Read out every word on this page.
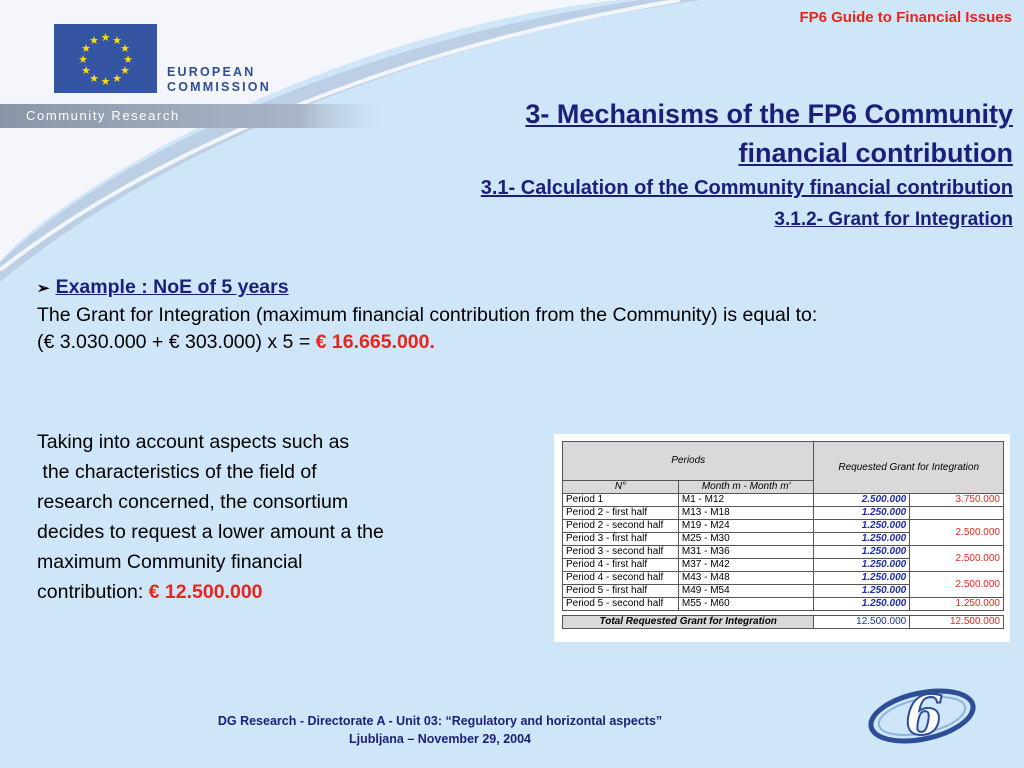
FP6 Guide to Financial Issues
★ ★
★
★
★
★
★
★
★
★
★
★
EUROPEAN
COMMISSION
Community Research	3- Mechanisms of the FP6 Community
financial contribution
3.1- Calculation of the Community financial contribution
3.1.2- Grant for Integration
➢ Example : NoE of 5 years
The Grant for Integration (maximum financial contribution from the Community) is equal to:
(€ 3.030.000 + € 303.000) x 5 = € 16.665.000.
Taking into account aspects such as
the characteristics of the field of
research concerned, the consortium
decides to request a lower amount a the
maximum Community financial
contribution: € 12.500.000
Periods		Requested Grant for Integration	
N°	Month m - Month m'		
Period 1	M1 - M12	2.500.000	3.750.000
Period 2 - first half	M13 - M18	1.250.000	
Period 2 - second half	M19 - M24	1.250.000	2.500.000
Period 3 - first half	M25 - M30	1.250.000	
Period 3 - second half	M31 - M36	1.250.000	2.500.000
Period 4 - first half	M37 - M42	1.250.000	
Period 4 - second half	M43 - M48	1.250.000	2.500.000
Period 5 - first half	M49 - M54	1.250.000	
Period 5 - second half	M55 - M60	1.250.000	1.250.000

Total Requested Grant for Integration		12.500.000	12.500.000
DG Research - Directorate A - Unit 03: “Regulatory and horizontal aspects”
Ljubljana – November 29, 2004	6
